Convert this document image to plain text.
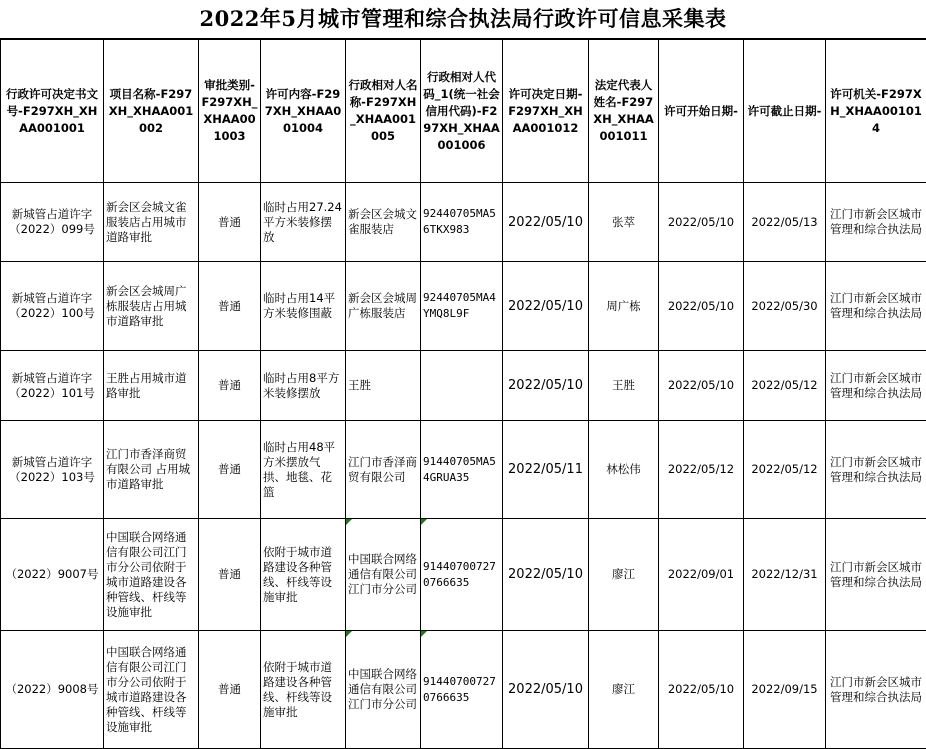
2022年5月城市管理和综合执法局行政许可信息采集表
行政许可决定书文号-F297XH_XHAA001001	项目名称-F297XH_XHAA001002	审批类别-F297XH_XHAA001003	许可内容-F297XH_XHAA001004	行政相对人名称-F297XH_XHAA001005	行政相对人代码_1(统一社会信用代码)-F297XH_XHAA001006	许可决定日期-F297XH_XHAA001012	法定代表人姓名-F297XH_XHAA001011	许可开始日期-	许可截止日期-	许可机关-F297XH_XHAA001014
新城管占道许字（2022）099号	新会区会城文雀服装店占用城市道路审批	普通	临时占用27.24平方米装修摆放	新会区会城文雀服装店	92440705MA56TKX983	2022/05/10	张萃	2022/05/10	2022/05/13	江门市新会区城市管理和综合执法局
新城管占道许字（2022）100号	新会区会城周广栋服装店占用城市道路审批	普通	临时占用14平方米装修围蔽	新会区会城周广栋服装店	92440705MA4YMQ8L9F	2022/05/10	周广栋	2022/05/10	2022/05/30	江门市新会区城市管理和综合执法局
新城管占道许字（2022）101号	王胜占用城市道路审批	普通	临时占用8平方米装修摆放	王胜		2022/05/10	王胜	2022/05/10	2022/05/12	江门市新会区城市管理和综合执法局
新城管占道许字（2022）103号	江门市香泽商贸有限公司 占用城市道路审批	普通	临时占用48平方米摆放气拱、地毯、花篮	江门市香泽商贸有限公司	91440705MA54GRUA35	2022/05/11	林松伟	2022/05/12	2022/05/12	江门市新会区城市管理和综合执法局
（2022）9007号	中国联合网络通信有限公司江门市分公司依附于城市道路建设各种管线、杆线等设施审批	普通	依附于城市道路建设各种管线、杆线等设施审批	中国联合网络通信有限公司江门市分公司	914407007270766635	2022/05/10	廖江	2022/09/01	2022/12/31	江门市新会区城市管理和综合执法局
（2022）9008号	中国联合网络通信有限公司江门市分公司依附于城市道路建设各种管线、杆线等设施审批	普通	依附于城市道路建设各种管线、杆线等设施审批	中国联合网络通信有限公司江门市分公司	914407007270766635	2022/05/10	廖江	2022/05/10	2022/09/15	江门市新会区城市管理和综合执法局
